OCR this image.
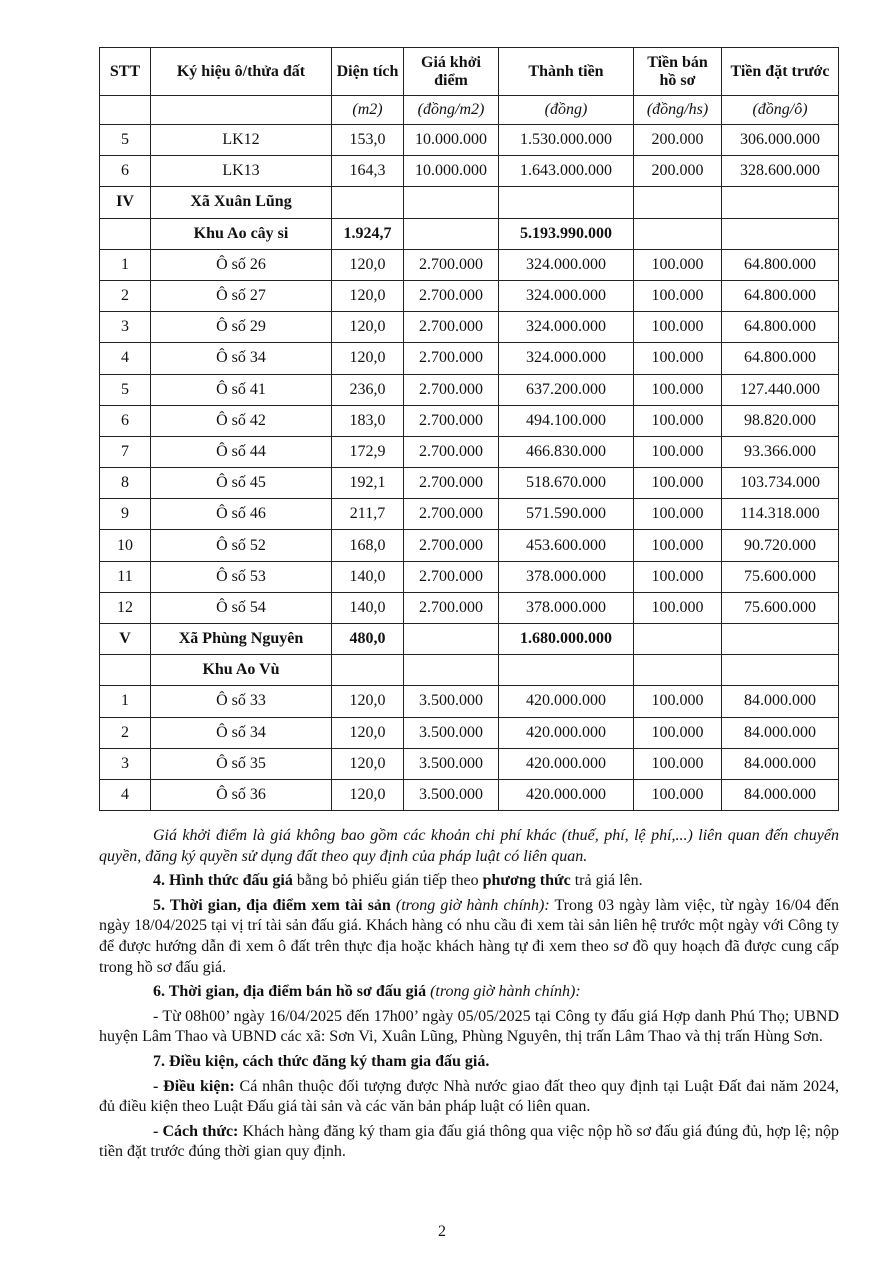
STT	Ký hiệu ô/thửa đất	Diện tích	Giá khởi điểm	Thành tiền	Tiền bán hồ sơ	Tiền đặt trước
		(m2)	(đồng/m2)	(đồng)	(đồng/hs)	(đồng/ô)
5	LK12	153,0	10.000.000	1.530.000.000	200.000	306.000.000
6	LK13	164,3	10.000.000	1.643.000.000	200.000	328.600.000
IV	Xã Xuân Lũng					
	Khu Ao cây si	1.924,7		5.193.990.000		
1	Ô số 26	120,0	2.700.000	324.000.000	100.000	64.800.000
2	Ô số 27	120,0	2.700.000	324.000.000	100.000	64.800.000
3	Ô số 29	120,0	2.700.000	324.000.000	100.000	64.800.000
4	Ô số 34	120,0	2.700.000	324.000.000	100.000	64.800.000
5	Ô số 41	236,0	2.700.000	637.200.000	100.000	127.440.000
6	Ô số 42	183,0	2.700.000	494.100.000	100.000	98.820.000
7	Ô số 44	172,9	2.700.000	466.830.000	100.000	93.366.000
8	Ô số 45	192,1	2.700.000	518.670.000	100.000	103.734.000
9	Ô số 46	211,7	2.700.000	571.590.000	100.000	114.318.000
10	Ô số 52	168,0	2.700.000	453.600.000	100.000	90.720.000
11	Ô số 53	140,0	2.700.000	378.000.000	100.000	75.600.000
12	Ô số 54	140,0	2.700.000	378.000.000	100.000	75.600.000
V	Xã Phùng Nguyên	480,0		1.680.000.000		
	Khu Ao Vù					
1	Ô số 33	120,0	3.500.000	420.000.000	100.000	84.000.000
2	Ô số 34	120,0	3.500.000	420.000.000	100.000	84.000.000
3	Ô số 35	120,0	3.500.000	420.000.000	100.000	84.000.000
4	Ô số 36	120,0	3.500.000	420.000.000	100.000	84.000.000

Giá khởi điểm là giá không bao gồm các khoản chi phí khác (thuế, phí, lệ phí,...) liên quan đến chuyển quyền, đăng ký quyền sử dụng đất theo quy định của pháp luật có liên quan.

4. Hình thức đấu giá bằng bỏ phiếu gián tiếp theo phương thức trả giá lên.

5. Thời gian, địa điểm xem tài sản (trong giờ hành chính): Trong 03 ngày làm việc, từ ngày 16/04 đến ngày 18/04/2025 tại vị trí tài sản đấu giá. Khách hàng có nhu cầu đi xem tài sản liên hệ trước một ngày với Công ty để được hướng dẫn đi xem ô đất trên thực địa hoặc khách hàng tự đi xem theo sơ đồ quy hoạch đã được cung cấp trong hồ sơ đấu giá.

6. Thời gian, địa điểm bán hồ sơ đấu giá (trong giờ hành chính):

- Từ 08h00’ ngày 16/04/2025 đến 17h00’ ngày 05/05/2025 tại Công ty đấu giá Hợp danh Phú Thọ; UBND huyện Lâm Thao và UBND các xã: Sơn Vi, Xuân Lũng, Phùng Nguyên, thị trấn Lâm Thao và thị trấn Hùng Sơn.

7. Điều kiện, cách thức đăng ký tham gia đấu giá.

- Điều kiện: Cá nhân thuộc đối tượng được Nhà nước giao đất theo quy định tại Luật Đất đai năm 2024, đủ điều kiện theo Luật Đấu giá tài sản và các văn bản pháp luật có liên quan.

- Cách thức: Khách hàng đăng ký tham gia đấu giá thông qua việc nộp hồ sơ đấu giá đúng đủ, hợp lệ; nộp tiền đặt trước đúng thời gian quy định.

2
